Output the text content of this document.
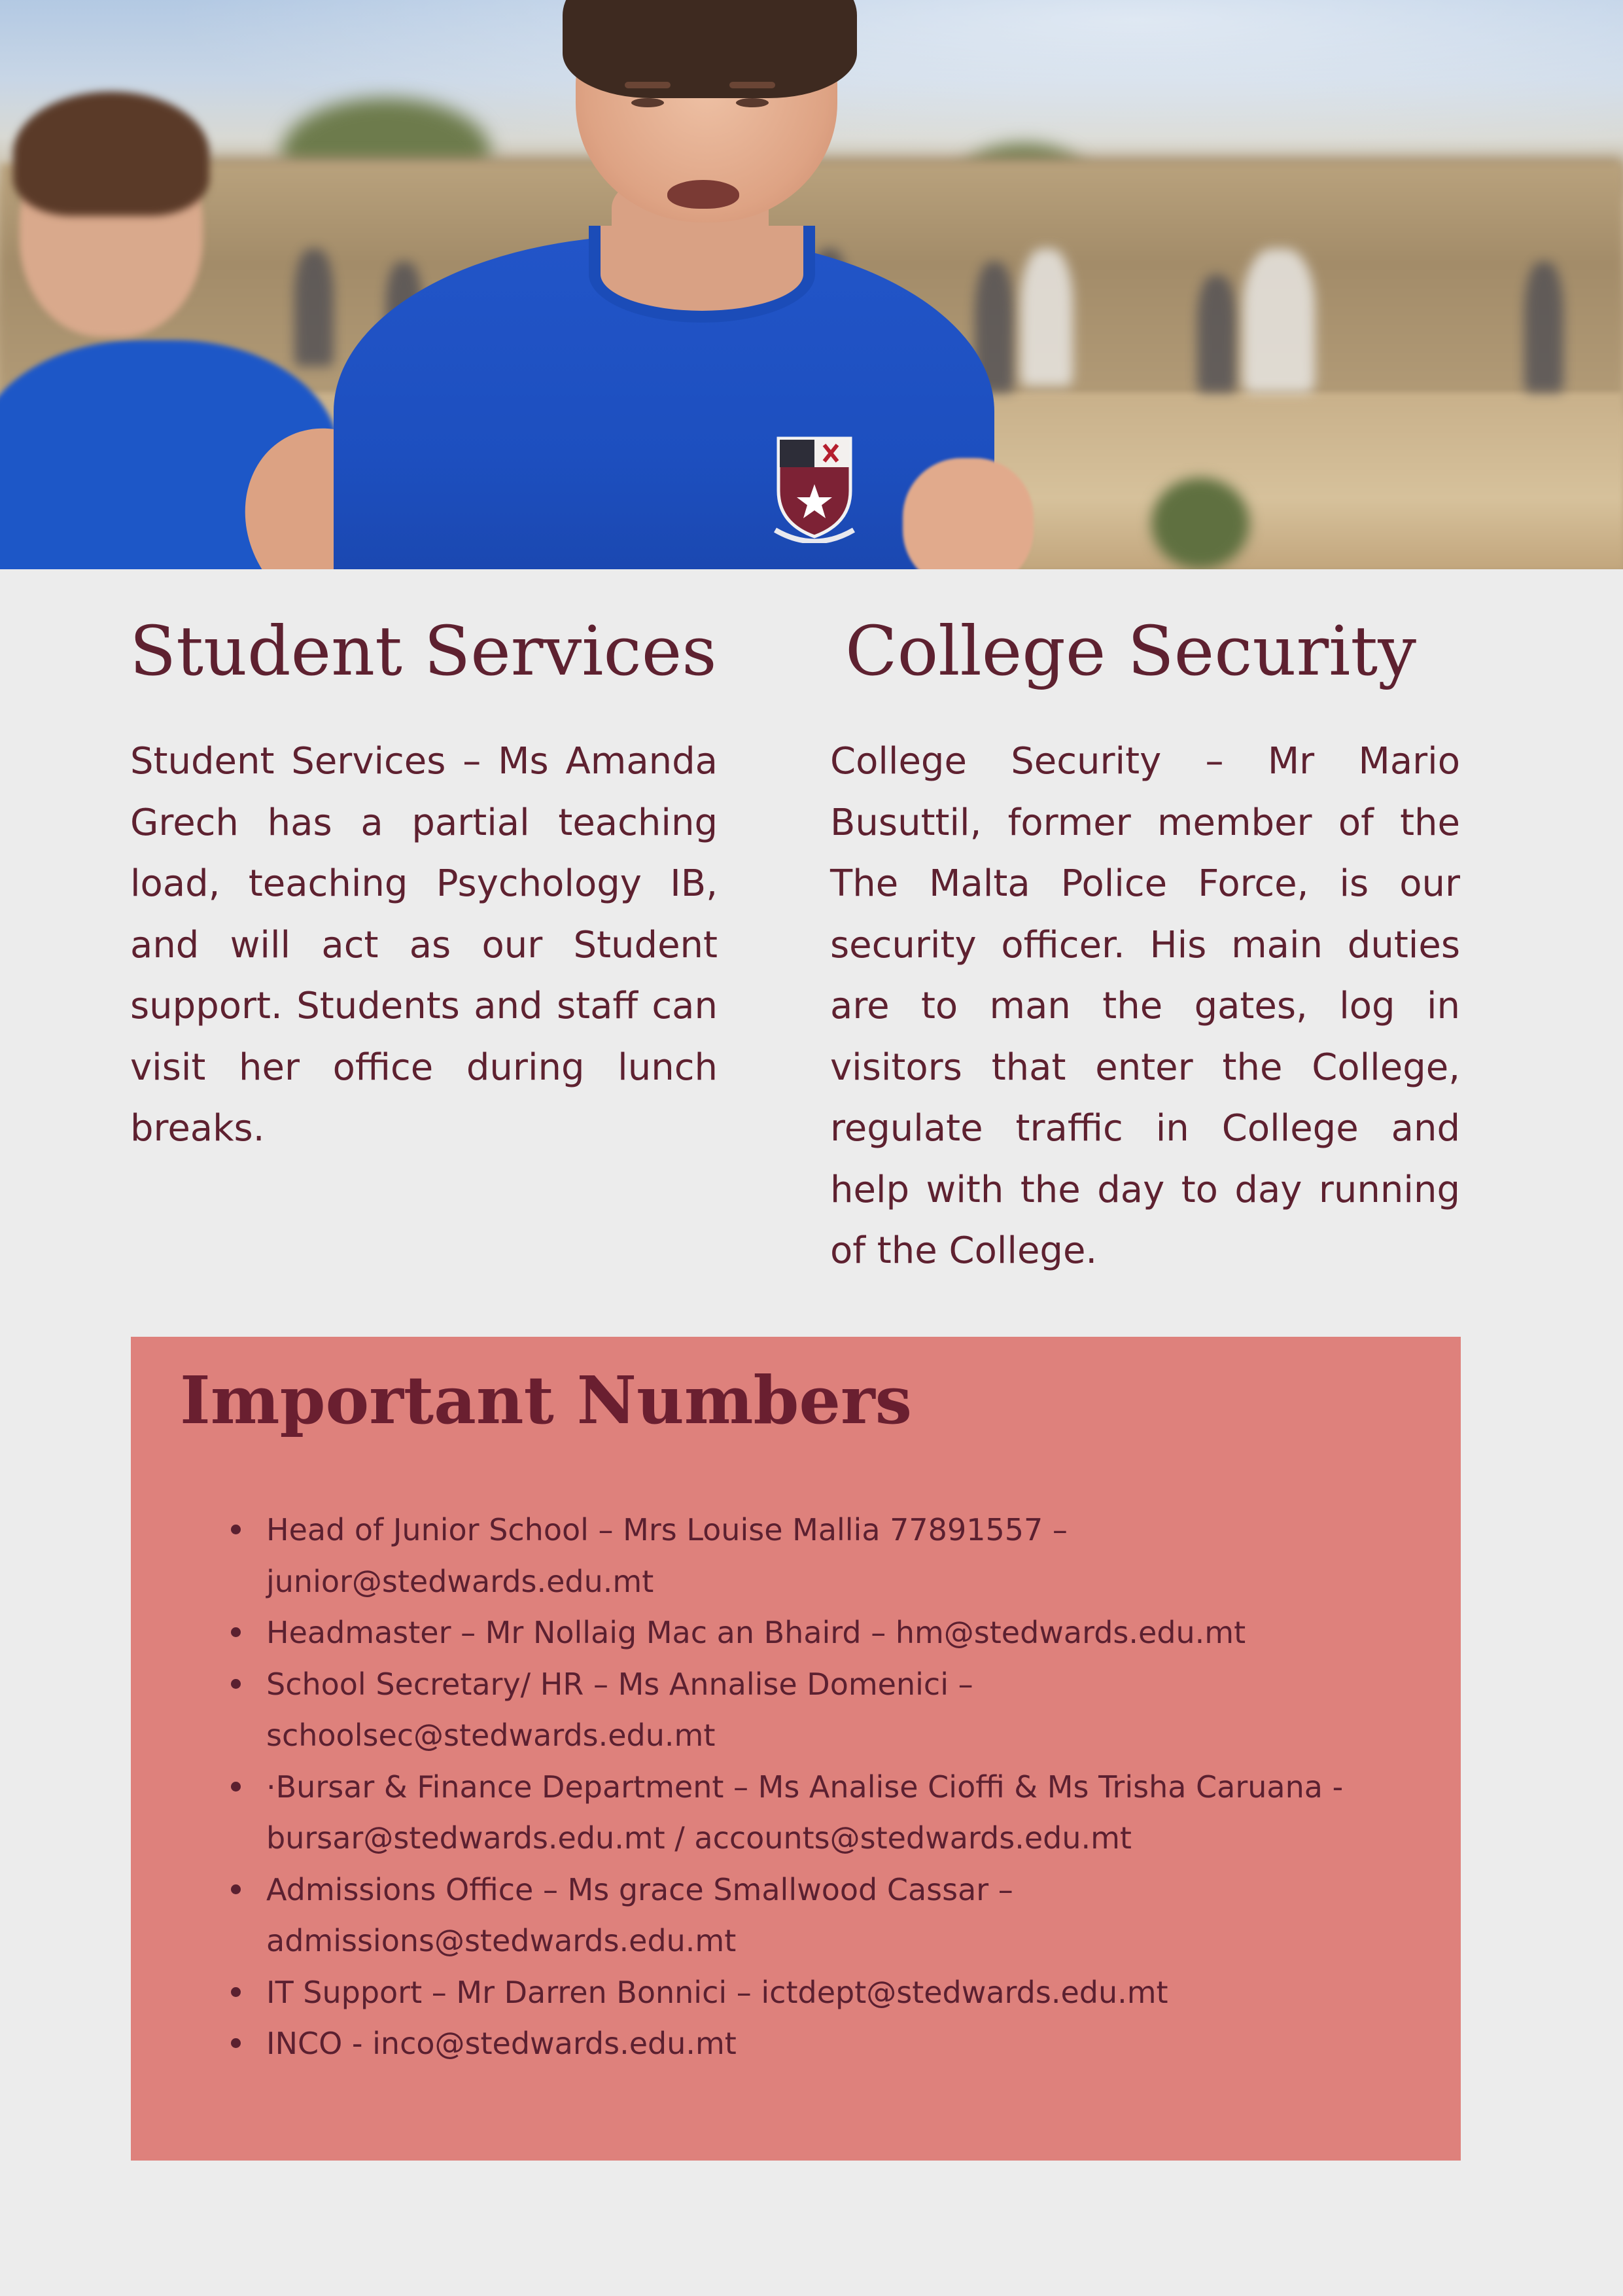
Student Services

Student Services – Ms Amanda Grech has a partial teaching load, teaching Psychology IB, and will act as our Student support. Students and staff can visit her office during lunch breaks.

College Security

College Security – Mr Mario Busuttil, former member of the The Malta Police Force, is our security officer. His main duties are to man the gates, log in visitors that enter the College, regulate traffic in College and help with the day to day running of the College.

Important Numbers
Head of Junior School – Mrs Louise Mallia 77891557 – junior@stedwards.edu.mt
Headmaster – Mr Nollaig Mac an Bhaird – hm@stedwards.edu.mt
School Secretary/ HR – Ms Annalise Domenici – schoolsec@stedwards.edu.mt
·Bursar & Finance Department – Ms Analise Cioffi & Ms Trisha Caruana -bursar@stedwards.edu.mt / accounts@stedwards.edu.mt
Admissions Office – Ms grace Smallwood Cassar – admissions@stedwards.edu.mt
IT Support – Mr Darren Bonnici – ictdept@stedwards.edu.mt
INCO - inco@stedwards.edu.mt
